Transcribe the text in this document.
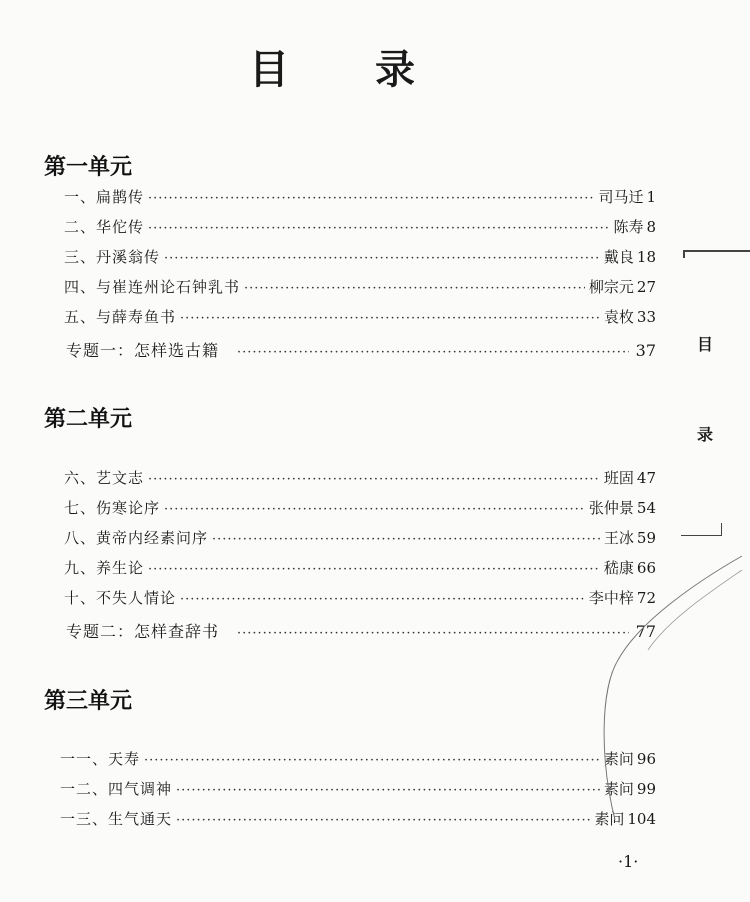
目 录
第一单元
一、扁鹊传 ·····	司马迁 1
二、华佗传 ·····	陈寿 8
三、丹溪翁传 ·····	戴良 18
四、与崔连州论石钟乳书 ·····	柳宗元 27
五、与薛寿鱼书 ·····	袁枚 33
专题一：怎样选古籍 ·····	37
第二单元
六、艺文志 ·····	班固 47
七、伤寒论序 ·····	张仲景 54
八、黄帝内经素问序 ·····	王冰 59
九、养生论 ·····	嵇康 66
十、不失人情论 ·····	李中梓 72
专题二：怎样查辞书 ·····	77
第三单元
一一、天寿 ·····	素问 96
一二、四气调神 ·····	素问 99
一三、生气通天 ·····	素问 104
目
录
·1·
